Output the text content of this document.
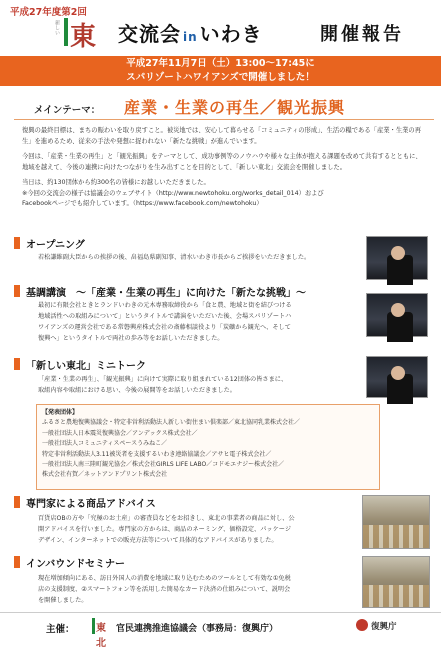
平成27年度第2回
新しい 東	交流会 in いわき	開催報告
平成27年11月7日（土）13:00～17:45に
スパリゾートハワイアンズで開催しました！
メインテーマ： 産業・生業の再生／観光振興

復興の最終目標は、まちの賑わいを取り戻すこと。被災地では、安心して暮らせる「コミュニティの形成」、生活の糧である「産業・生業の再生」を進めるため、従来の手法や発想に捉われない「新たな挑戦」が進んでいます。

今回は、「産業・生業の再生」と「観光振興」をテーマとして、成功事例等のノウハウや様々な主体が抱える課題を改めて共有するとともに、地域を越えて、今後の連携に向けたつながりを生み出すことを目的として、「新しい東北」交流会を開催しました。

当日は、約130団体から約300名の皆様にお越しいただきました。
※今回の交流会の様子は協議会のウェブサイト（http://www.newtohoku.org/works_detail_014）および
Facebookページでも紹介しています。（https://www.facebook.com/newtohoku）
オープニング
若松謙維副大臣からの挨拶の後、畠福島県副知事、清水いわき市長からご挨拶をいただきました。
基調講演　～「産業・生業の再生」に向けた「新たな挑戦」～
最初に有限会社ときとランドいわきの元木専務取締役から「食と農、地域と街を結びつける
地域活性への取組みについて」というタイトルで講演をいただいた後、会場スパリゾートハ
ワイアンズの運営会社である常磐興産株式会社の斎藤相談役より「炭礦から観光へ、そして
復興へ」というタイトルで両社の歩み等をお話しいただきました。
「新しい東北」ミニトーク
「産業・生業の再生」、「観光振興」に向けて実際に取り組まれている12団体の皆さまに、
取組内容や取組における思い、今後の展開等をお話しいただきました。
【発表団体】
ふるさと農地復興協議会・特定非営利活動法人新しい街住まい倶楽部／東北協同乳業株式会社／
一般社団法人日本震災復興協会／アンデックス株式会社／
一般社団法人コミュニティスペースうみねこ／
特定非営利活動法人3.11被災者を支援するいわき連絡協議会／アサヒ電子株式会社／
一般社団法人南三陸町観光協会／株式会社GIRLS LIFE LABO／コドモエナジー株式会社／
株式会社有賀／ネットアンドプリント株式会社
専門家による商品アドバイス
百貨店OBの方や「究極のお土産」の審査員などをお招きし、東北の事業者の商品に対し、公
開アドバイスを行いました。専門家の方からは、商品のネーミング、価格設定、パッケージ
デザイン、インターネットでの販売方法等について具体的なアドバイスがありました。
インバウンドセミナー
現在増加傾向にある、訪日外国人の消費を地域に取り込むためのツールとして有効な①免税
店の支援制度、②スマートフォン等を活用した簡易なカード決済の仕組みについて、説明会
を開催しました。
主催： 東北
官民連携推進協議会（事務局：復興庁）	復興庁
